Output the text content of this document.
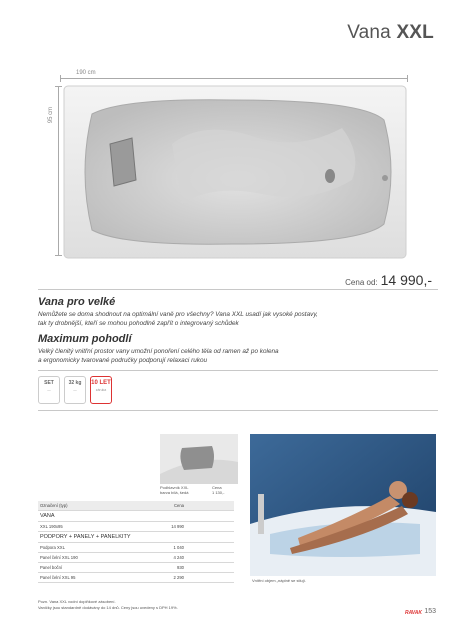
Vana XXL
190 cm
95 cm
Cena od: 14 990,-
Vana pro velké
Nemůžete se doma shodnout na optimální vaně pro všechny? Vana XXL usadí jak vysoké postavy,
tak ty drobnější, kteří se mohou pohodlně zapřít o integrovaný schůdek
Maximum pohodlí
Velký členitý vnitřní prostor vany umožní ponoření celého těla od ramen až po kolena
a ergonomicky tvarované područky podporují relaxaci rukou
SET
—
32 kg
—
10 LET
záruka
Podhlavník XXL
barva bílá, šedá
Cena
1 130,-
Vnitřní objem „náplně se stlují.
Označení (typ)	Cena
VANA	
XXL 190x95	14 990
PODPORY + PANELY + PANELKITY	
Podpora XXL	1 040
Panel čelní XXL 190	4 240
Panel boční	930
Panel čelní XXL 95	2 290
Pozn. Vana XXL vodní doplňkové zásobení.
Vaničky jsou standardně dodávány do 14 dnů. Ceny jsou uvedeny s DPH 19%.
RAVAK 153
